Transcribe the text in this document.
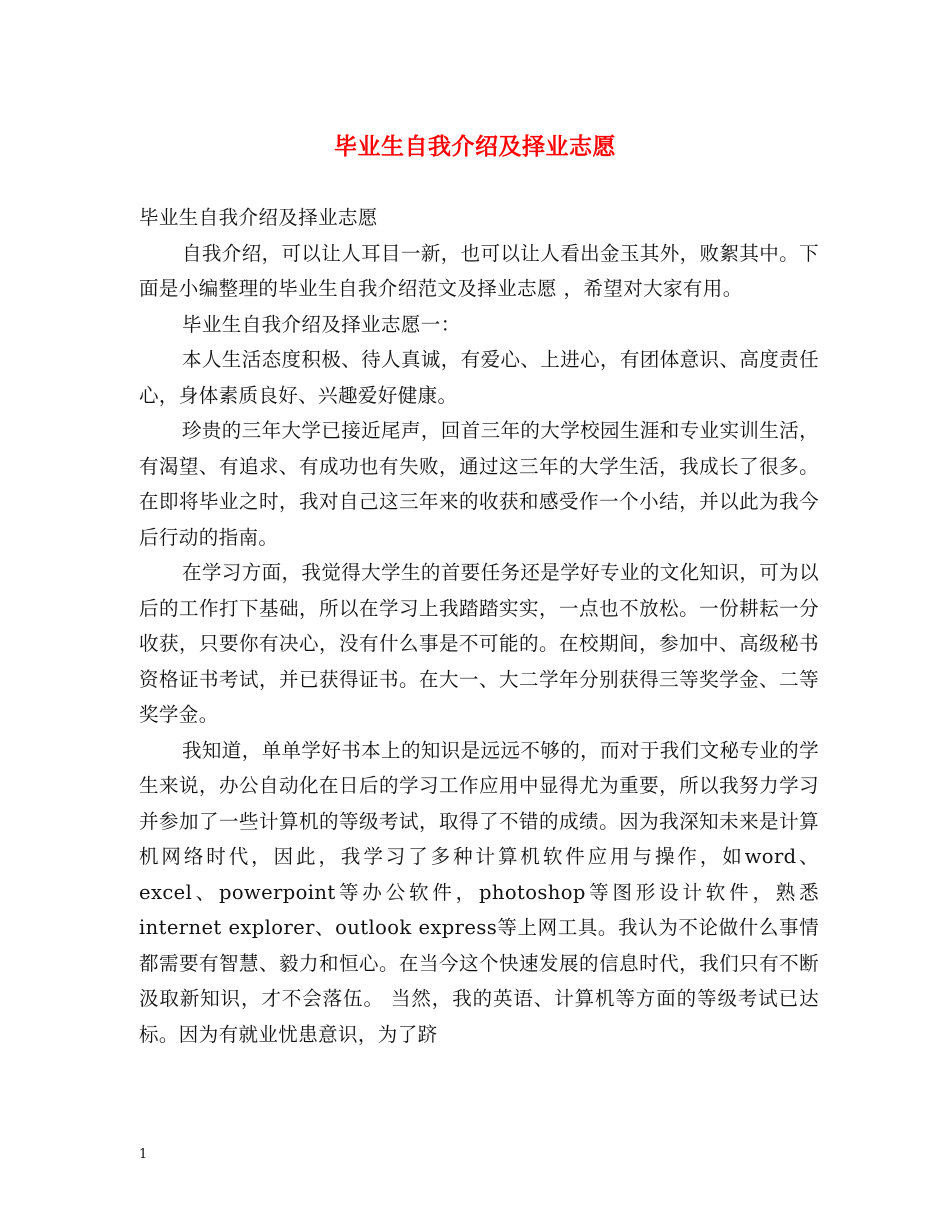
毕业生自我介绍及择业志愿

毕业生自我介绍及择业志愿

自我介绍，可以让人耳目一新，也可以让人看出金玉其外，败絮其中。下面是小编整理的毕业生自我介绍范文及择业志愿 ，希望对大家有用。

毕业生自我介绍及择业志愿一：

本人生活态度积极、待人真诚，有爱心、上进心，有团体意识、高度责任心，身体素质良好、兴趣爱好健康。

珍贵的三年大学已接近尾声，回首三年的大学校园生涯和专业实训生活，有渴望、有追求、有成功也有失败，通过这三年的大学生活，我成长了很多。在即将毕业之时，我对自己这三年来的收获和感受作一个小结，并以此为我今后行动的指南。

在学习方面，我觉得大学生的首要任务还是学好专业的文化知识，可为以后的工作打下基础，所以在学习上我踏踏实实，一点也不放松。一份耕耘一分收获，只要你有决心，没有什么事是不可能的。在校期间，参加中、高级秘书资格证书考试，并已获得证书。在大一、大二学年分别获得三等奖学金、二等奖学金。

我知道，单单学好书本上的知识是远远不够的，而对于我们文秘专业的学生来说，办公自动化在日后的学习工作应用中显得尤为重要，所以我努力学习并参加了一些计算机的等级考试，取得了不错的成绩。因为我深知未来是计算机网络时代，因此，我学习了多种计算机软件应用与操作，如word、excel、powerpoint等办公软件，photoshop等图形设计软件，熟悉 internet explorer、outlook express等上网工具。我认为不论做什么事情都需要有智慧、毅力和恒心。在当今这个快速发展的信息时代，我们只有不断汲取新知识，才不会落伍。 当然，我的英语、计算机等方面的等级考试已达标。因为有就业忧患意识，为了跻

1
